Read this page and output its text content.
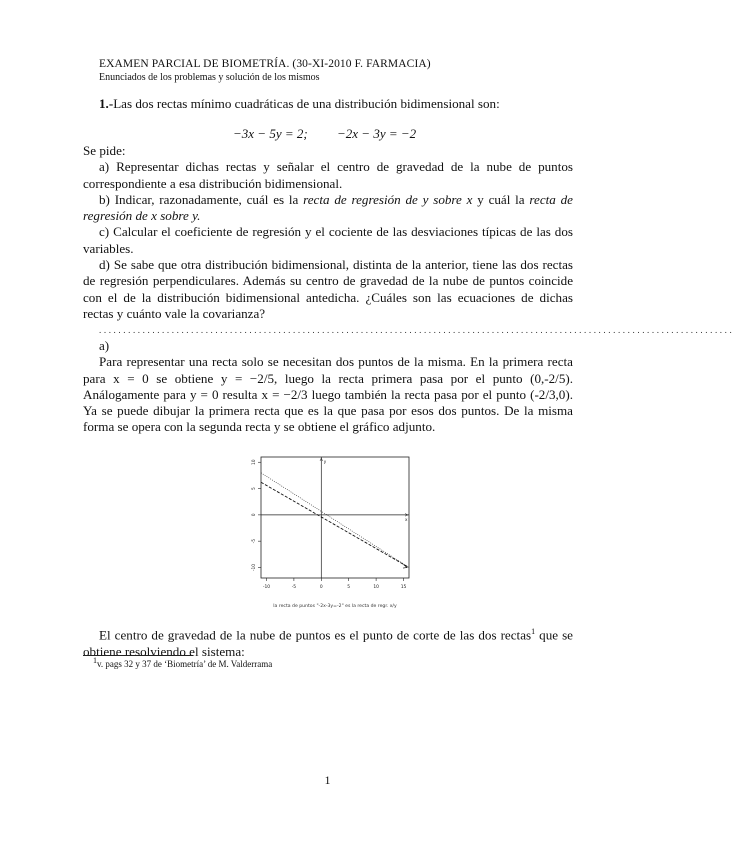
EXAMEN PARCIAL DE BIOMETRÍA. (30-XI-2010 F. FARMACIA)
Enunciados de los problemas y solución de los mismos
1.-Las dos rectas mínimo cuadráticas de una distribución bidimensional son:
−3x − 5y = 2; −2x − 3y = −2
Se pide:
a) Representar dichas rectas y señalar el centro de gravedad de la nube de puntos correspondiente a esa distribución bidimensional.
b) Indicar, razonadamente, cuál es la recta de regresión de y sobre x y cuál la recta de regresión de x sobre y.
c) Calcular el coeficiente de regresión y el cociente de las desviaciones típicas de las dos variables.
d) Se sabe que otra distribución bidimensional, distinta de la anterior, tiene las dos rectas de regresión perpendiculares. Además su centro de gravedad de la nube de puntos coincide con el de la distribución bidimensional antedicha. ¿Cuáles son las ecuaciones de dichas rectas y cuánto vale la covarianza?
...................................................................................................................................
a)
Para representar una recta solo se necesitan dos puntos de la misma. En la primera recta para x = 0 se obtiene y = −2/5, luego la recta primera pasa por el punto (0,-2/5). Análogamente para y = 0 resulta x = −2/3 luego también la recta pasa por el punto (-2/3,0). Ya se puede dibujar la primera recta que es la que pasa por esos dos puntos. De la misma forma se opera con la segunda recta y se obtiene el gráfico adjunto.
x
y
-10	-5	0	5	10	15
10
5
0
-5
-10
la recta de puntos "-2x-3y=-2" es la recta de regr. x/y
El centro de gravedad de la nube de puntos es el punto de corte de las dos rectas$^1$ que se obtiene resolviendo el sistema:
$^1$v. pags 32 y 37 de ‘Biometría’ de M. Valderrama
1
